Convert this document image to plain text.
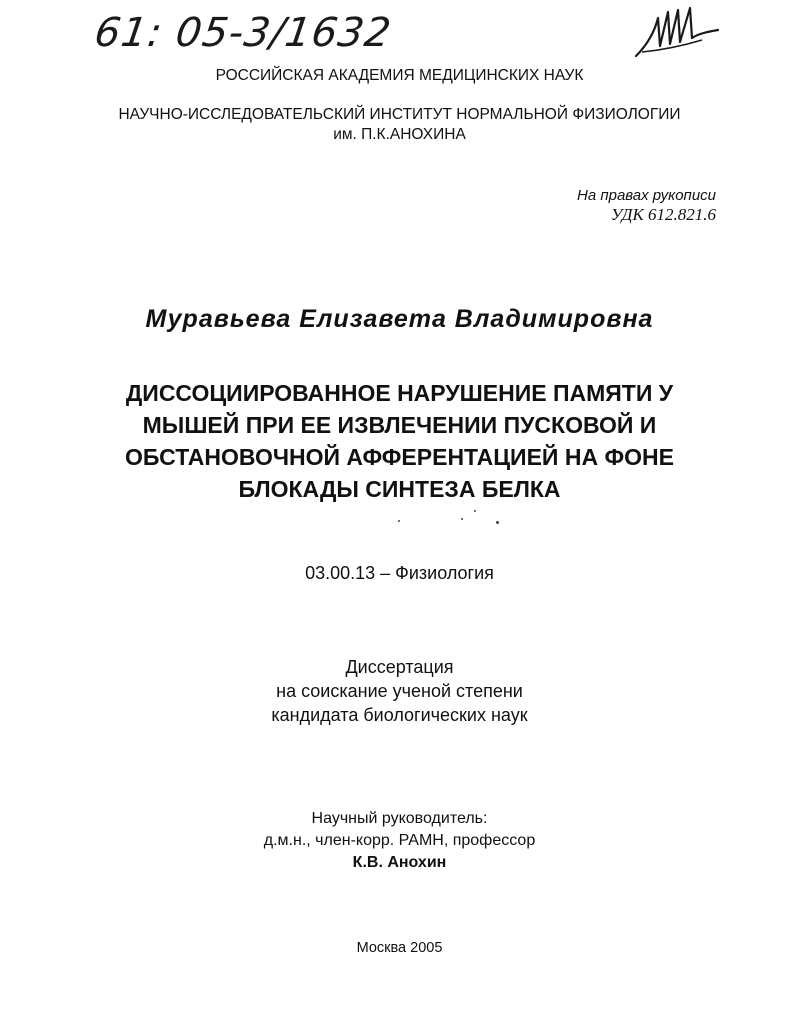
61: 05-3/1632
РОССИЙСКАЯ АКАДЕМИЯ МЕДИЦИНСКИХ НАУК
НАУЧНО-ИССЛЕДОВАТЕЛЬСКИЙ ИНСТИТУТ НОРМАЛЬНОЙ ФИЗИОЛОГИИ
им. П.К.АНОХИНА
На правах рукописи
УДК 612.821.6
Муравьева Елизавета Владимировна
ДИССОЦИИРОВАННОЕ НАРУШЕНИЕ ПАМЯТИ У
МЫШЕЙ ПРИ ЕЕ ИЗВЛЕЧЕНИИ ПУСКОВОЙ И
ОБСТАНОВОЧНОЙ АФФЕРЕНТАЦИЕЙ НА ФОНЕ
БЛОКАДЫ СИНТЕЗА БЕЛКА
03.00.13 – Физиология
Диссертация
на соискание ученой степени
кандидата биологических наук
Научный руководитель:
д.м.н., член-корр. РАМН, профессор
К.В. Анохин
Москва 2005
